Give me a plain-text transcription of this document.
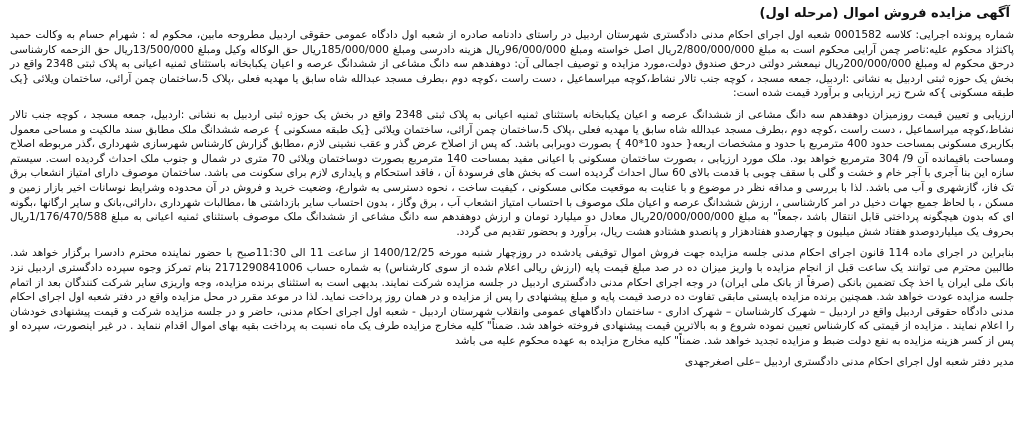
آگهی مزایده فروش اموال (مرحله اول)

شماره پرونده اجرایی: کلاسه 0001582 شعبه اول اجرای احکام مدنی دادگستری شهرستان اردبیل در راستای دادنامه صادره از شعبه اول دادگاه عمومی حقوقی اردبیل مطروحه مابین، محکوم له : شهرام حسام به وکالت حمید پاکنژاد محکوم علیه:ناصر چمن آرایی محکوم است به مبلغ 2/800/000/000ریال اصل خواسته ومبلغ 96/000/000ریال هزینه دادرسی ومبلغ 185/000/000ریال حق الوکاله وکیل ومبلغ 13/500/000ریال حق الزحمه کارشناسی درحق محکوم له ومبلغ 200/000/000ریال نیمعشر دولتی درحق صندوق دولت،مورد مزایده و توصیف اجمالی آن: دوهفدهم سه دانگ مشاعی از ششدانگ عرصه و اعیان یکبابخانه باستثنای ثمنیه اعیانی به پلاک ثبتی 2348 واقع در بخش یک حوزه ثبتی اردبیل به نشانی :اردبیل، جمعه مسجد ، کوچه جنب تالار نشاط،کوچه میراسماعیل ، دست راست ،کوچه دوم ،بطرف مسجد عبدالله شاه سابق یا مهدیه فعلی ،پلاک 5،ساختمان چمن آرائی، ساختمان ویلائی {یک طبقه مسکونی }که شرح زیر ارزیابی و برآورد قیمت شده است:

ارزیابی و تعیین قیمت روزمیزان دوهفدهم سه دانگ مشاعی از ششدانگ عرصه و اعیان یکبابخانه باستثنای ثمنیه اعیانی به پلاک ثبتی 2348 واقع در بخش یک حوزه ثبتی اردبیل به نشانی :اردبیل، جمعه مسجد ، کوچه جنب تالار نشاط،کوچه میراسماعیل ، دست راست ،کوچه دوم ،بطرف مسجد عبدالله شاه سابق یا مهدیه فعلی ،پلاک 5،ساختمان چمن آرائی، ساختمان ویلائی {یک طبقه مسکونی } عرصه ششدانگ ملک مطابق سند مالکیت و مساحی معمول بکاربری مسکونی بمساحت حدود 400 مترمربع با حدود و مشخصات اربعه{ حدود 10*40 } بصورت دوبرابی باشد. که پس از اصلاح عرض گذر و عقب نشینی لازم ،مطابق گزارش کارشناس شهرسازی شهرداری ،گذر مربوطه اصلاح ومساحت باقیمانده آن 9/ 304 مترمربع خواهد بود. ملک مورد ارزیابی ، بصورت ساختمان مسکونی با اعیانی مفید بمساحت 140 مترمربع بصورت دوساختمان ویلائی 70 متری در شمال و جنوب ملک احداث گردیده است. سیستم سازه این بنا آجری با آجر خام و خشت و گلی با سقف چوبی با قدمت بالای 60 سال احداث گردیده است که بخش های فرسودۀ آن ، فاقد استحکام و پایداری لازم برای سکونت می باشد. ساختمان موصوف دارای امتیاز انشعاب برق تک فاز، گازشهری و آب می باشد. لذا با بررسی و مداقه نظر در موضوع و با عنایت به موقعیت مکانی مسکونی ، کیفیت ساخت ، نحوه دسترسی به شوارع، وضعیت خرید و فروش در آن محدوده وشرایط نوسانات اخیر بازار زمین و مسکن ، با لحاظ جمیع جهات دخیل در امر کارشناسی ، ارزش ششدانگ عرصه و اعیان ملک موصوف با احتساب امتیاز انشعاب آب ، برق وگاز ، بدون احتساب سایر بازداشتی ها ،مطالبات شهرداری ،دارائی،بانک و سایر ارگانها ،بگونه ای که بدون هیچگونه پرداختی قابل انتقال باشد ،جمعاً" به مبلغ 20/000/000/000ریال معادل دو میلیارد تومان و ارزش دوهفدهم سه دانگ مشاعی از ششدانگ ملک موصوف باستثنای ثمنیه اعیانی به مبلغ 1/176/470/588ریال بحروف یک میلیاردوصدو هفتاد شش میلیون و چهارصدو هفتادهزار و پانصدو هشتادو هشت ریال، برآورد و بحضور تقدیم می گردد.

بنابراین در اجرای ماده 114 قانون اجرای احکام مدنی جلسه مزایده جهت فروش اموال توقیفی یادشده در روزچهار شنبه مورخه 1400/12/25 از ساعت 11 الی 11:30صبح با حضور نماینده محترم دادسرا برگزار خواهد شد. طالبین محترم می توانند یک ساعت قبل از انجام مزایده با واریز میزان ده در صد مبلغ قیمت پایه (ارزش ریالی اعلام شده از سوی کارشناس) به شماره حساب 2171290841006 بنام تمرکز وجوه سپرده دادگستری اردبیل نزد بانک ملی ایران یا اخذ چک تضمین بانکی (صرفاً از بانک ملی ایران) در وجه اجرای احکام مدنی دادگستری اردبیل در جلسه مزایده شرکت نمایند. بدیهی است به استثنای برنده مزایده، وجه واریزی سایر شرکت کنندگان بعد از اتمام جلسه مزایده عودت خواهد شد. همچنین برنده مزایده بایستی مابقی تفاوت ده درصد قیمت پایه و مبلغ پیشنهادی را پس از مزایده و در همان روز پرداخت نماید. لذا در موعد مقرر در محل مزایده واقع در دفتر شعبه اول اجرای احکام مدنی دادگاه حقوقی اردبیل واقع در اردبیل – شهرک کارشناسان – شهرک اداری - ساختمان دادگاههای عمومی وانقلاب شهرستان اردبیل - شعبه اول اجرای احکام مدنی، حاضر و در جلسه مزایده شرکت و قیمت پیشنهادی خودشان را اعلام نمایند . مزایده از قیمتی که کارشناس تعیین نموده شروع و به بالاترین قیمت پیشنهادی فروخته خواهد شد. ضمناً" کلیه مخارج مزایده طرف یک ماه نسبت به پرداخت بقیه بهای اموال اقدام ننماید . در غیر اینصورت، سپرده او پس از کسر هزینه مزایده به نفع دولت ضبط و مزایده تجدید خواهد شد. ضمناً" کلیه مخارج مزایده به عهده محکوم علیه می باشد

مدیر دفتر شعبه اول اجرای احکام مدنی دادگستری اردبیل –علی اصغرجهدی
